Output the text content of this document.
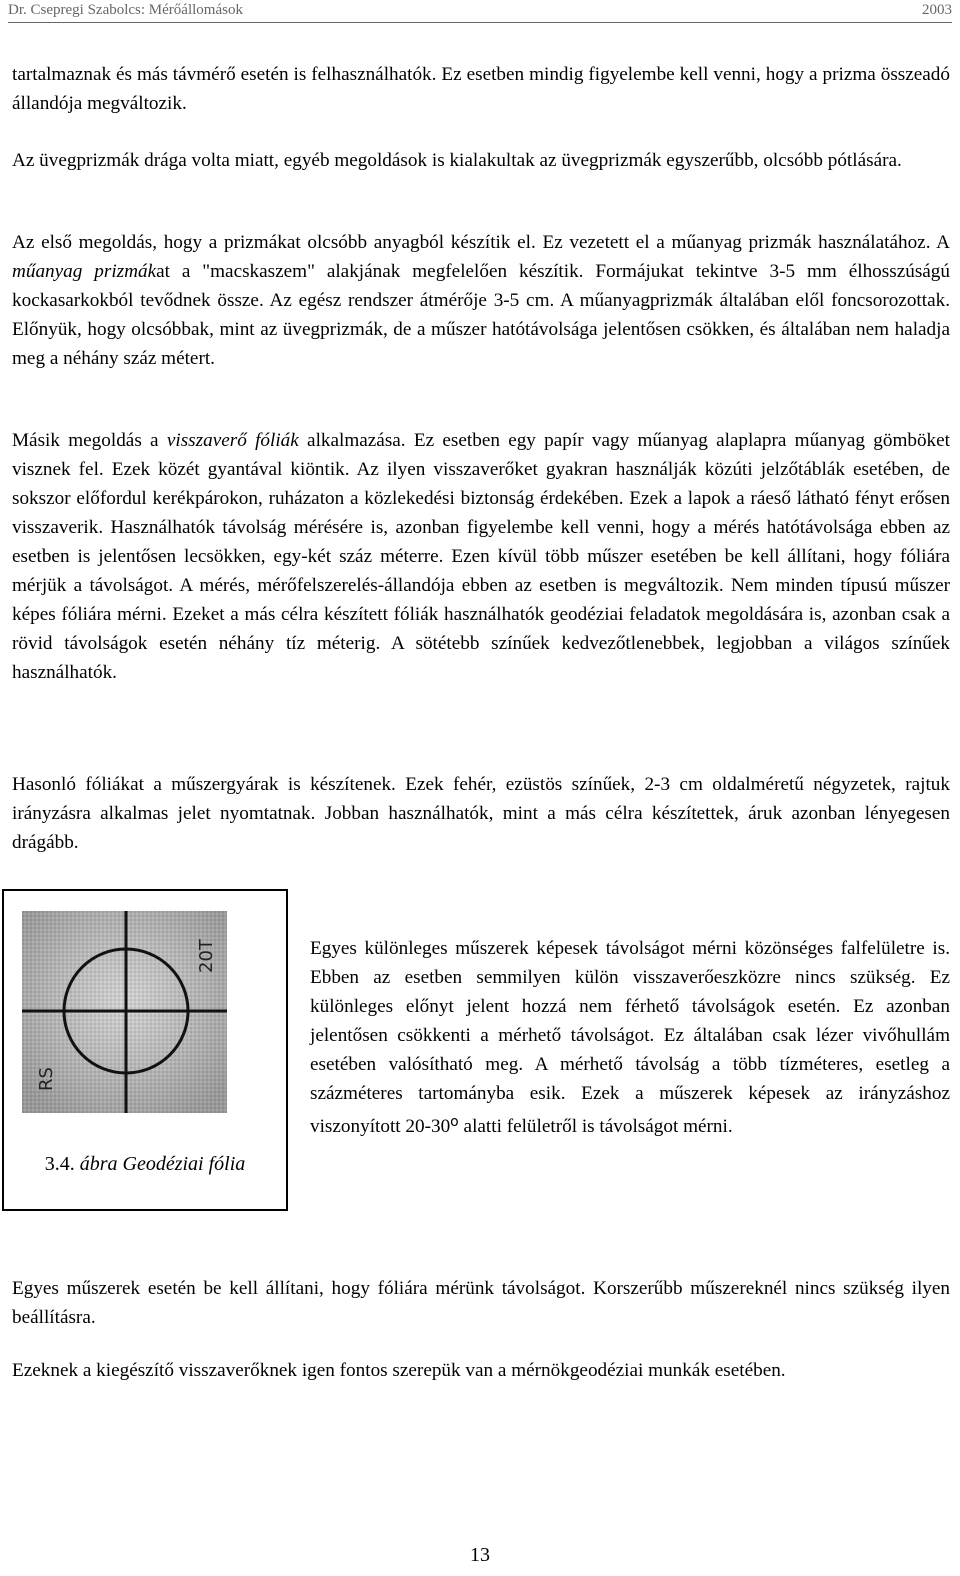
Dr. Csepregi Szabolcs: Mérőállomások	2003

tartalmaznak és más távmérő esetén is felhasználhatók. Ez esetben mindig figyelembe kell venni, hogy a prizma összeadó állandója megváltozik.

Az üvegprizmák drága volta miatt, egyéb megoldások is kialakultak az üvegprizmák egyszerűbb, olcsóbb pótlására.

Az első megoldás, hogy a prizmákat olcsóbb anyagból készítik el. Ez vezetett el a műanyag prizmák használatához. A műanyag prizmákat a "macskaszem" alakjának megfelelően készítik. Formájukat tekintve 3-5 mm élhosszúságú kockasarkokból tevődnek össze. Az egész rendszer átmérője 3-5 cm. A műanyagprizmák általában elől foncsorozottak. Előnyük, hogy olcsóbbak, mint az üvegprizmák, de a műszer hatótávolsága jelentősen csökken, és általában nem haladja meg a néhány száz métert.

Másik megoldás a visszaverő fóliák alkalmazása. Ez esetben egy papír vagy műanyag alaplapra műanyag gömböket visznek fel. Ezek közét gyantával kiöntik. Az ilyen visszaverőket gyakran használják közúti jelzőtáblák esetében, de sokszor előfordul kerékpárokon, ruházaton a közlekedési biztonság érdekében. Ezek a lapok a ráeső látható fényt erősen visszaverik. Használhatók távolság mérésére is, azonban figyelembe kell venni, hogy a mérés hatótávolsága ebben az esetben is jelentősen lecsökken, egy-két száz méterre. Ezen kívül több műszer esetében be kell állítani, hogy fóliára mérjük a távolságot. A mérés, mérőfelszerelés-állandója ebben az esetben is megváltozik. Nem minden típusú műszer képes fóliára mérni. Ezeket a más célra készített fóliák használhatók geodéziai feladatok megoldására is, azonban csak a rövid távolságok esetén néhány tíz méterig. A sötétebb színűek kedvezőtlenebbek, legjobban a világos színűek használhatók.

Hasonló fóliákat a műszergyárak is készítenek. Ezek fehér, ezüstös színűek, 2-3 cm oldalméretű négyzetek, rajtuk irányzásra alkalmas jelet nyomtatnak. Jobban használhatók, mint a más célra készítettek, áruk azonban lényegesen drágább.

20T
RS
3.4. ábra Geodéziai fólia

Egyes különleges műszerek képesek távolságot mérni közönséges falfelületre is. Ebben az esetben semmilyen külön visszaverőeszközre nincs szükség. Ez különleges előnyt jelent hozzá nem férhető távolságok esetén. Ez azonban jelentősen csökkenti a mérhető távolságot. Ez általában csak lézer vivőhullám esetében valósítható meg. A mérhető távolság a több tízméteres, esetleg a százméteres tartományba esik. Ezek a műszerek képesek az irányzáshoz viszonyított 20-30$^o$ alatti felületről is távolságot mérni.

Egyes műszerek esetén be kell állítani, hogy fóliára mérünk távolságot. Korszerűbb műszereknél nincs szükség ilyen beállításra.

Ezeknek a kiegészítő visszaverőknek igen fontos szerepük van a mérnökgeodéziai munkák esetében.

13
